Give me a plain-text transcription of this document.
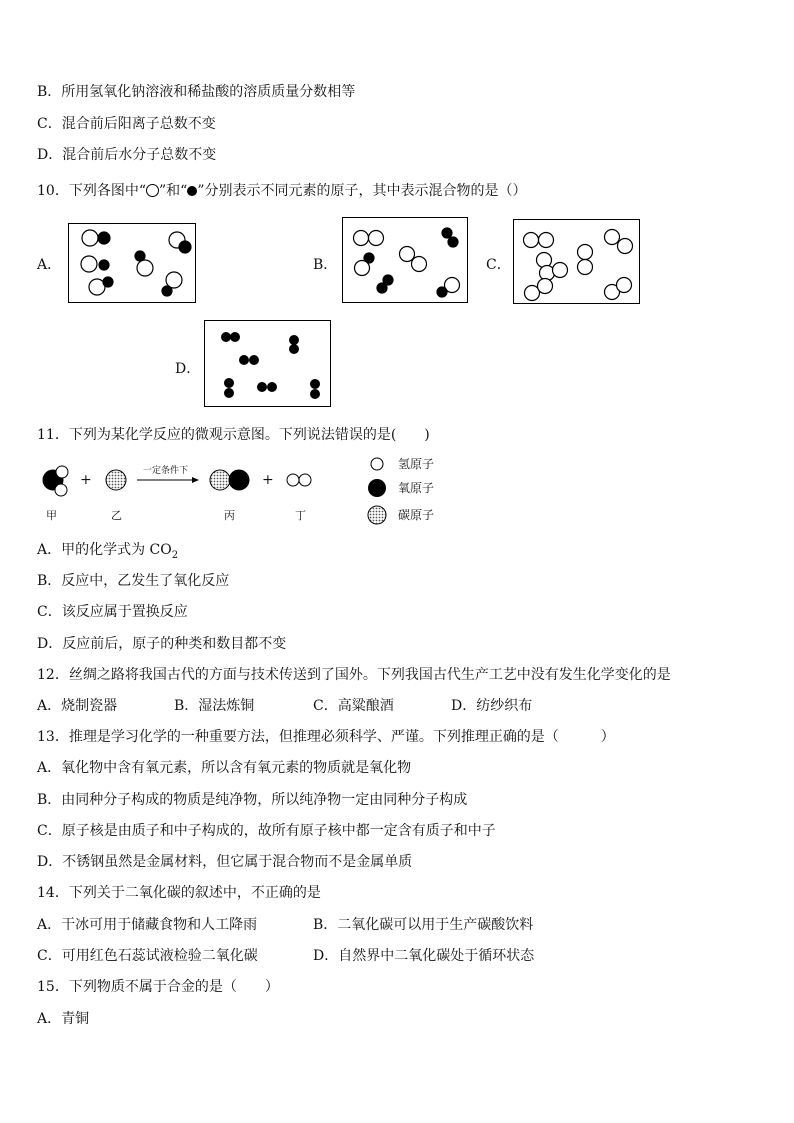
B．所用氢氧化钠溶液和稀盐酸的溶质质量分数相等
C．混合前后阳离子总数不变
D．混合前后水分子总数不变
10．下列各图中“ ”和“ ”分别表示不同元素的原子，其中表示混合物的是（）
A．	B．	C．
D．
11．下列为某化学反应的微观示意图。下列说法错误的是(　　)
+	+
一定条件下
甲	乙	丙	丁
氢原子
氧原子
碳原子
A．甲的化学式为 $CO_2$
B．反应中，乙发生了氧化反应
C．该反应属于置换反应
D．反应前后，原子的种类和数目都不变
12．丝绸之路将我国古代的方面与技术传送到了国外。下列我国古代生产工艺中没有发生化学变化的是
A．烧制瓷器	B．湿法炼铜	C．高粱酿酒	D．纺纱织布
13．推理是学习化学的一种重要方法，但推理必须科学、严谨。下列推理正确的是（　　　）
A．氧化物中含有氧元素，所以含有氧元素的物质就是氧化物
B．由同种分子构成的物质是纯净物，所以纯净物一定由同种分子构成
C．原子核是由质子和中子构成的，故所有原子核中都一定含有质子和中子
D．不锈钢虽然是金属材料，但它属于混合物而不是金属单质
14．下列关于二氧化碳的叙述中，不正确的是
A．干冰可用于储藏食物和人工降雨	B．二氧化碳可以用于生产碳酸饮料
C．可用红色石蕊试液检验二氧化碳	D．自然界中二氧化碳处于循环状态
15．下列物质不属于合金的是（　　）
A．青铜
